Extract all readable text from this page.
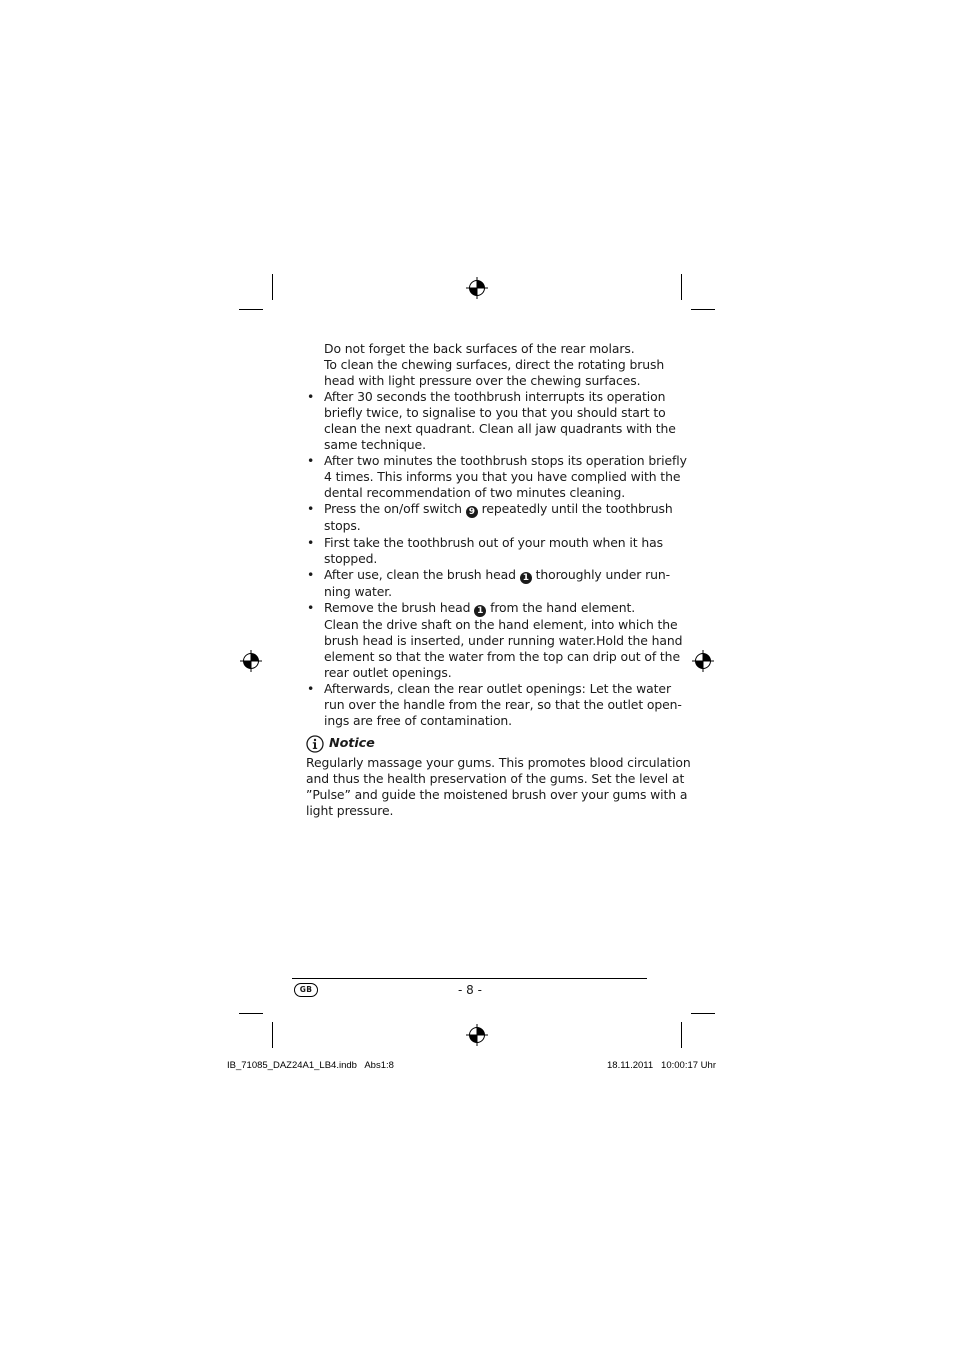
Do not forget the back surfaces of the rear molars.
To clean the chewing surfaces, direct the rotating brush
head with light pressure over the chewing surfaces.
• After 30 seconds the toothbrush interrupts its operation
briefly twice, to signalise to you that you should start to
clean the next quadrant. Clean all jaw quadrants with the
same technique.
• After two minutes the toothbrush stops its operation briefly
4 times. This informs you that you have complied with the
dental recommendation of two minutes cleaning.
• Press the on/off switch 9 repeatedly until the toothbrush
stops.
• First take the toothbrush out of your mouth when it has
stopped.
• After use, clean the brush head 1 thoroughly under run-
ning water.
• Remove the brush head 1 from the hand element.
Clean the drive shaft on the hand element, into which the
brush head is inserted, under running water.Hold the hand
element so that the water from the top can drip out of the
rear outlet openings.
• Afterwards, clean the rear outlet openings: Let the water
run over the handle from the rear, so that the outlet open-
ings are free of contamination.
Notice
Regularly massage your gums. This promotes blood circulation
and thus the health preservation of the gums. Set the level at
”Pulse” and guide the moistened brush over your gums with a
light pressure.
GB	- 8 -
IB_71085_DAZ24A1_LB4.indb   Abs1:8	18.11.2011   10:00:17 Uhr
